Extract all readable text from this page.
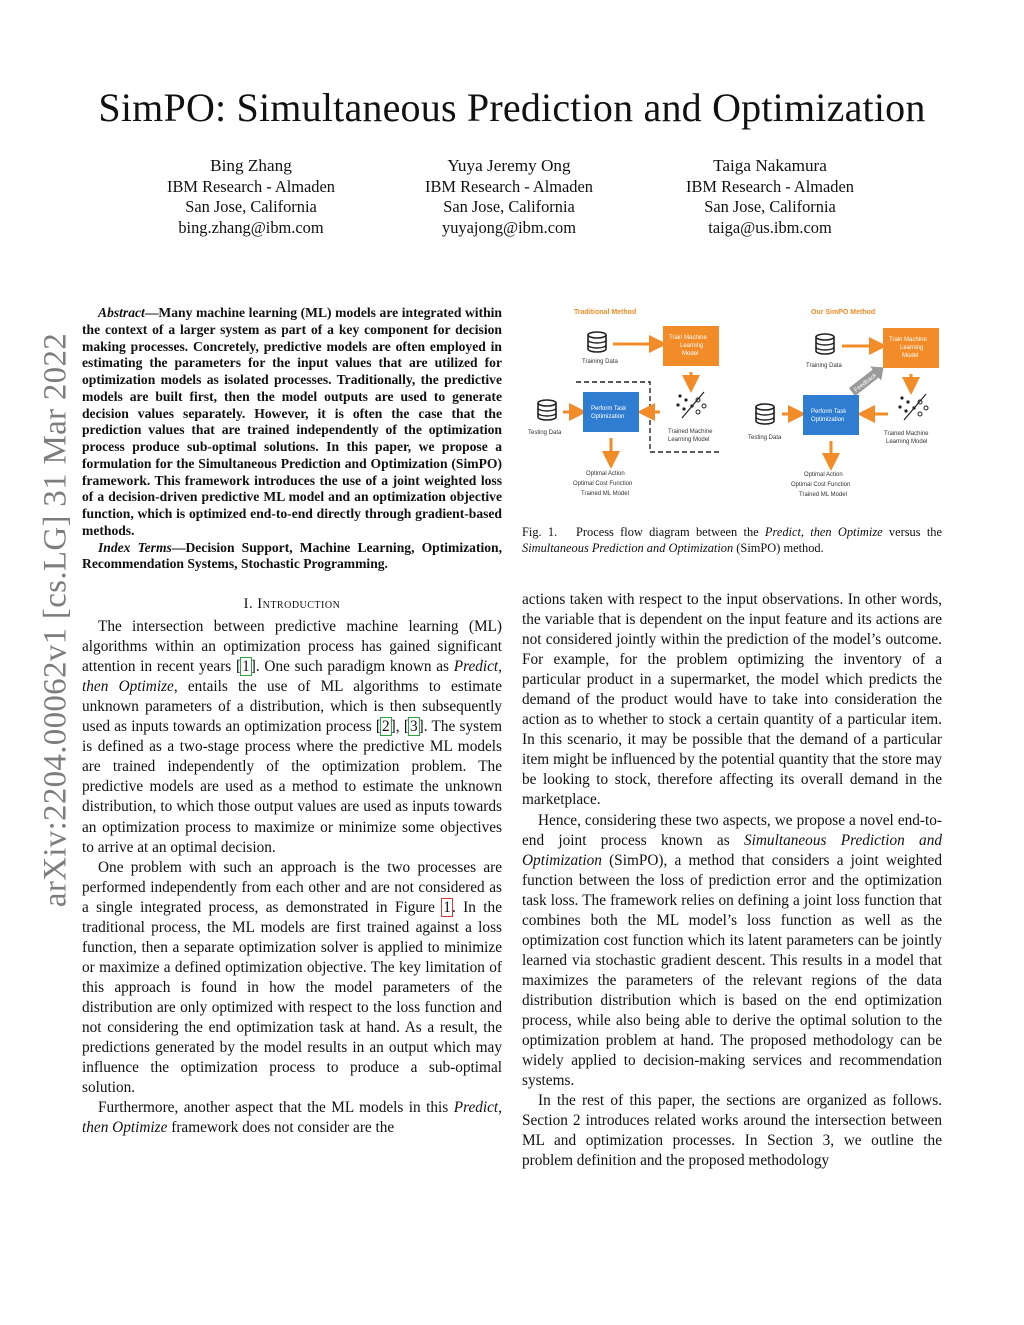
SimPO: Simultaneous Prediction and Optimization
Bing Zhang
IBM Research - Almaden
San Jose, California
bing.zhang@ibm.com
Yuya Jeremy Ong
IBM Research - Almaden
San Jose, California
yuyajong@ibm.com
Taiga Nakamura
IBM Research - Almaden
San Jose, California
taiga@us.ibm.com
arXiv:2204.00062v1 [cs.LG] 31 Mar 2022

Abstract—Many machine learning (ML) models are integrated within the context of a larger system as part of a key component for decision making processes. Concretely, predictive models are often employed in estimating the parameters for the input values that are utilized for optimization models as isolated processes. Traditionally, the predictive models are built first, then the model outputs are used to generate decision values separately. However, it is often the case that the prediction values that are trained independently of the optimization process produce sub-optimal solutions. In this paper, we propose a formulation for the Simultaneous Prediction and Optimization (SimPO) framework. This framework introduces the use of a joint weighted loss of a decision-driven predictive ML model and an optimization objective function, which is optimized end-to-end directly through gradient-based methods.

Index Terms—Decision Support, Machine Learning, Optimization, Recommendation Systems, Stochastic Programming.

I. Introduction

The intersection between predictive machine learning (ML) algorithms within an optimization process has gained significant attention in recent years [1]. One such paradigm known as Predict, then Optimize, entails the use of ML algorithms to estimate unknown parameters of a distribution, which is then subsequently used as inputs towards an optimization process [2], [3]. The system is defined as a two-stage process where the predictive ML models are trained independently of the optimization problem. The predictive models are used as a method to estimate the unknown distribution, to which those output values are used as inputs towards an optimization process to maximize or minimize some objectives to arrive at an optimal decision.

One problem with such an approach is the two processes are performed independently from each other and are not considered as a single integrated process, as demonstrated in Figure 1. In the traditional process, the ML models are first trained against a loss function, then a separate optimization solver is applied to minimize or maximize a defined optimization objective. The key limitation of this approach is found in how the model parameters of the distribution are only optimized with respect to the loss function and not considering the end optimization task at hand. As a result, the predictions generated by the model results in an output which may influence the optimization process to produce a sub-optimal solution.

Furthermore, another aspect that the ML models in this Predict, then Optimize framework does not consider are the

Traditional Method
Training Data
Train Machine
Learning
Model
Trained Machine
Learning Model
Testing Data
Perform Task
Optimization
Optimal Action
Optimal Cost Function
Trained ML Model
Our SimPO Method
Training Data
Train Machine
Learning
Model
Feedback
Trained Machine
Learning Model
Testing Data
Perform Task
Optimization
Optimal Action
Optimal Cost Function
Trained ML Model
Fig. 1. Process flow diagram between the Predict, then Optimize versus the Simultaneous Prediction and Optimization (SimPO) method.

actions taken with respect to the input observations. In other words, the variable that is dependent on the input feature and its actions are not considered jointly within the prediction of the model’s outcome. For example, for the problem optimizing the inventory of a particular product in a supermarket, the model which predicts the demand of the product would have to take into consideration the action as to whether to stock a certain quantity of a particular item. In this scenario, it may be possible that the demand of a particular item might be influenced by the potential quantity that the store may be looking to stock, therefore affecting its overall demand in the marketplace.

Hence, considering these two aspects, we propose a novel end-to-end joint process known as Simultaneous Prediction and Optimization (SimPO), a method that considers a joint weighted function between the loss of prediction error and the optimization task loss. The framework relies on defining a joint loss function that combines both the ML model’s loss function as well as the optimization cost function which its latent parameters can be jointly learned via stochastic gradient descent. This results in a model that maximizes the parameters of the relevant regions of the data distribution distribution which is based on the end optimization process, while also being able to derive the optimal solution to the optimization problem at hand. The proposed methodology can be widely applied to decision-making services and recommendation systems.

In the rest of this paper, the sections are organized as follows. Section 2 introduces related works around the intersection between ML and optimization processes. In Section 3, we outline the problem definition and the proposed methodology
